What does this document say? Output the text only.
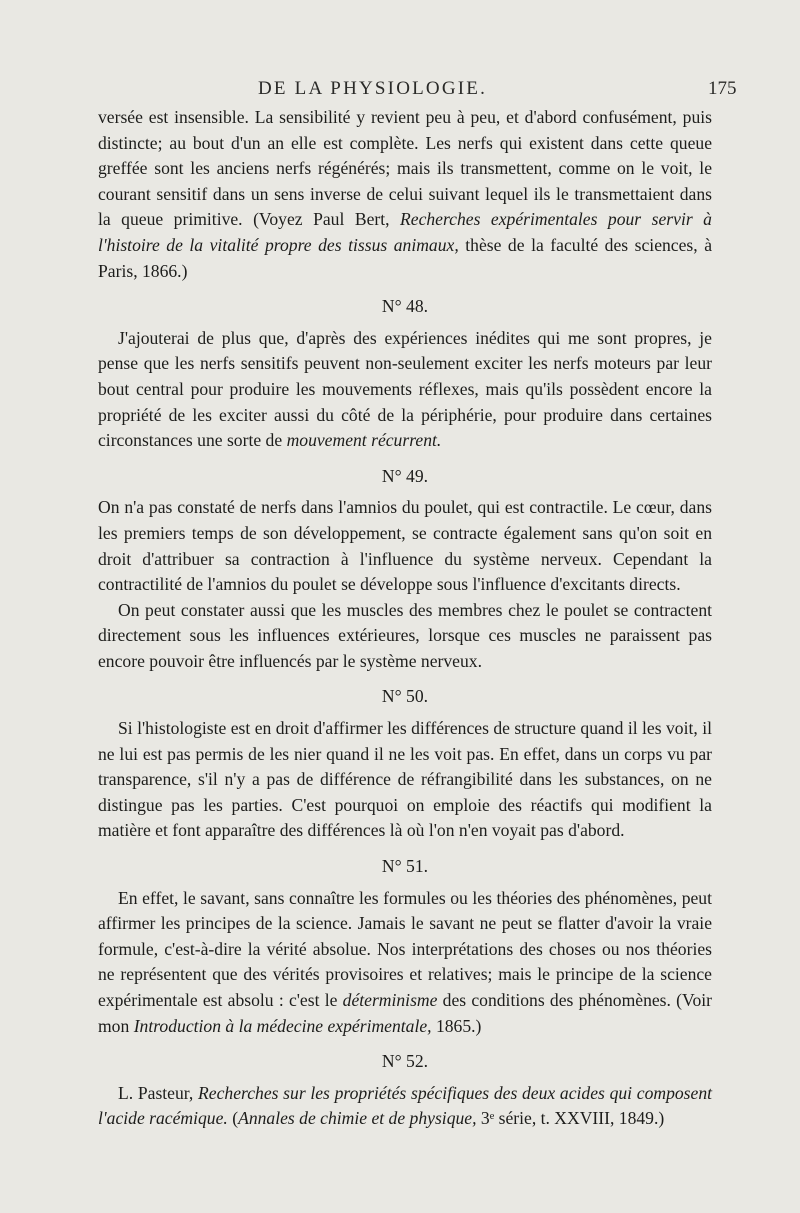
DE LA PHYSIOLOGIE.	175

versée est insensible. La sensibilité y revient peu à peu, et d'abord confusément, puis distincte; au bout d'un an elle est complète. Les nerfs qui existent dans cette queue greffée sont les anciens nerfs régénérés; mais ils transmettent, comme on le voit, le courant sensitif dans un sens inverse de celui suivant lequel ils le transmettaient dans la queue primitive. (Voyez Paul Bert, Recherches expérimentales pour servir à l'histoire de la vitalité propre des tissus animaux, thèse de la faculté des sciences, à Paris, 1866.)

N° 48.

J'ajouterai de plus que, d'après des expériences inédites qui me sont propres, je pense que les nerfs sensitifs peuvent non-seulement exciter les nerfs moteurs par leur bout central pour produire les mouvements réflexes, mais qu'ils possèdent encore la propriété de les exciter aussi du côté de la périphérie, pour produire dans certaines circonstances une sorte de mouvement récurrent.

N° 49.

On n'a pas constaté de nerfs dans l'amnios du poulet, qui est contractile. Le cœur, dans les premiers temps de son développement, se contracte également sans qu'on soit en droit d'attribuer sa contraction à l'influence du système nerveux. Cependant la contractilité de l'amnios du poulet se développe sous l'influence d'excitants directs.

On peut constater aussi que les muscles des membres chez le poulet se contractent directement sous les influences extérieures, lorsque ces muscles ne paraissent pas encore pouvoir être influencés par le système nerveux.

N° 50.

Si l'histologiste est en droit d'affirmer les différences de structure quand il les voit, il ne lui est pas permis de les nier quand il ne les voit pas. En effet, dans un corps vu par transparence, s'il n'y a pas de différence de réfrangibilité dans les substances, on ne distingue pas les parties. C'est pourquoi on emploie des réactifs qui modifient la matière et font apparaître des différences là où l'on n'en voyait pas d'abord.

N° 51.

En effet, le savant, sans connaître les formules ou les théories des phénomènes, peut affirmer les principes de la science. Jamais le savant ne peut se flatter d'avoir la vraie formule, c'est-à-dire la vérité absolue. Nos interprétations des choses ou nos théories ne représentent que des vérités provisoires et relatives; mais le principe de la science expérimentale est absolu : c'est le déterminisme des conditions des phénomènes. (Voir mon Introduction à la médecine expérimentale, 1865.)

N° 52.

L. Pasteur, Recherches sur les propriétés spécifiques des deux acides qui composent l'acide racémique. (Annales de chimie et de physique, 3ᵉ série, t. XXVIII, 1849.)
